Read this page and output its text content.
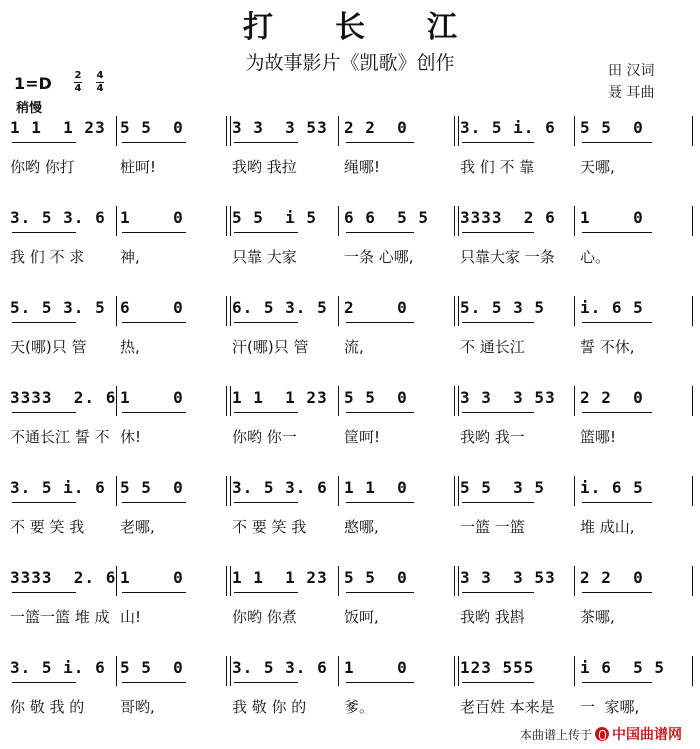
打长江
为故事影片《凯歌》创作	田 汉词
聂 耳曲
1=D 2
4
4
4
稍慢
1 1  1 23
你哟 你打
5 5  0
桩呵!
3 3  3 53
我哟 我拉
2 2  0
绳哪!
3. 5 i. 6
我 们 不 靠
5 5  0
天哪,
3. 5 3. 6
我 们 不 求
1    0
神,
5 5  i 5
只靠 大家
6 6  5 5
一条 心哪,
3333  2 6
只靠大家 一条
1    0
心。
5. 5 3. 5
天(哪)只 管
6    0
热,
6. 5 3. 5
汗(哪)只 管
2    0
流,
5. 5 3 5
不 通长江
i. 6 5
誓 不休,
3333  2. 6
不通长江 誓 不
1    0
休!
1 1  1 23
你哟 你一
5 5  0
筐呵!
3 3  3 53
我哟 我一
2 2  0
篮哪!
3. 5 i. 6
不 要 笑 我
5 5  0
老哪,
3. 5 3. 6
不 要 笑 我
1 1  0
憨哪,
5 5  3 5
一篮 一篮
i. 6 5
堆 成山,
3333  2. 6
一篮一篮 堆 成
1    0
山!
1 1  1 23
你哟 你煮
5 5  0
饭呵,
3 3  3 53
我哟 我斟
2 2  0
茶哪,
3. 5 i. 6
你 敬 我 的
5 5  0
哥哟,
3. 5 3. 6
我 敬 你 的
1    0
爹。
123 555
老百姓 本来是
i 6  5 5
一  家哪,
本曲谱上传于 中国曲谱网
